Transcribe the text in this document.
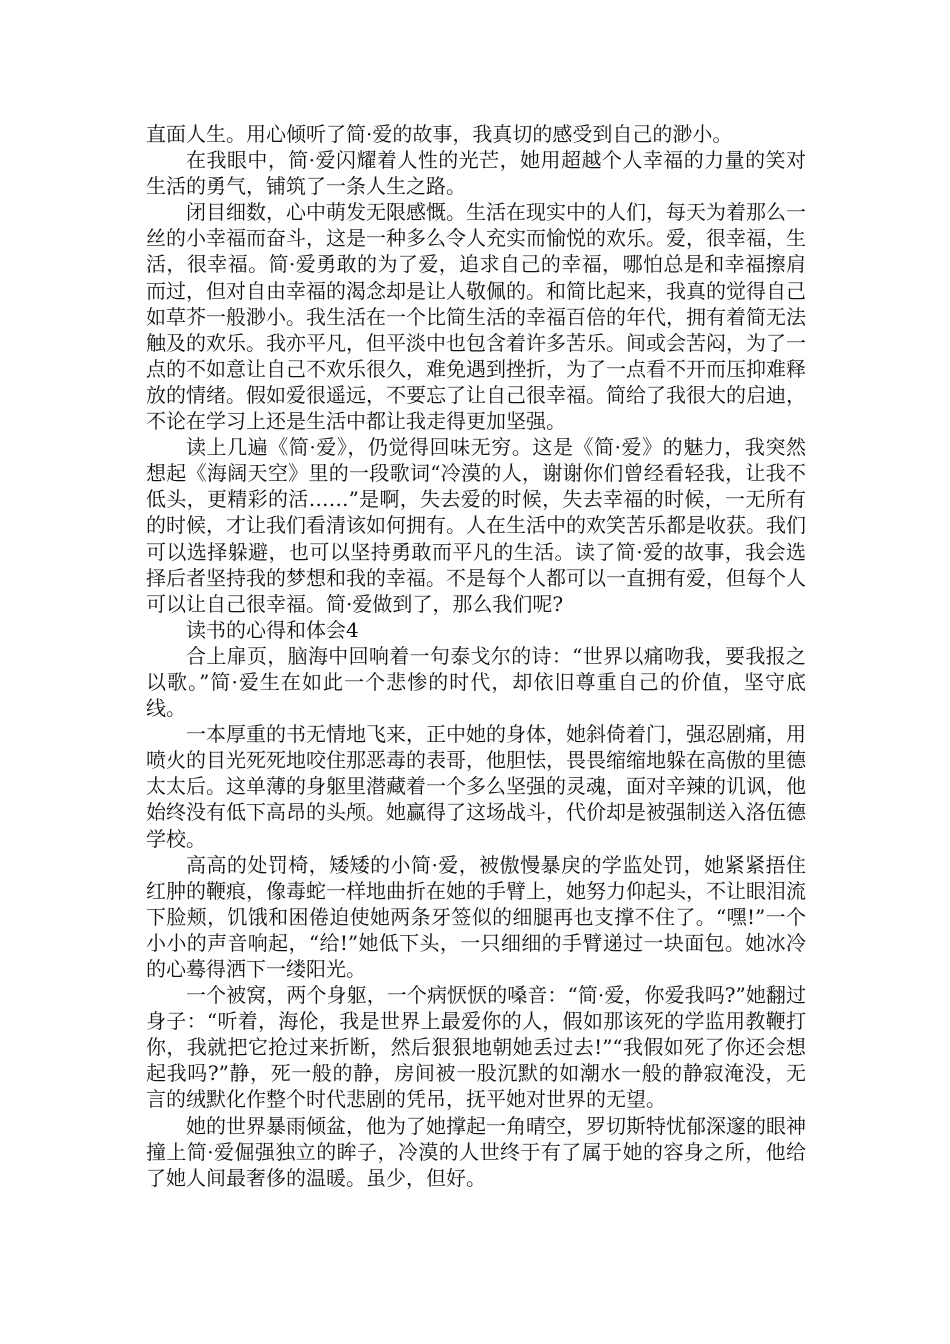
直面人生。用心倾听了简·爱的故事，我真切的感受到自己的渺小。

在我眼中，简·爱闪耀着人性的光芒，她用超越个人幸福的力量的笑对生活的勇气，铺筑了一条人生之路。

闭目细数，心中萌发无限感慨。生活在现实中的人们，每天为着那么一丝的小幸福而奋斗，这是一种多么令人充实而愉悦的欢乐。爱，很幸福，生活，很幸福。简·爱勇敢的为了爱，追求自己的幸福，哪怕总是和幸福擦肩而过，但对自由幸福的渴念却是让人敬佩的。和简比起来，我真的觉得自己如草芥一般渺小。我生活在一个比简生活的幸福百倍的年代，拥有着简无法触及的欢乐。我亦平凡，但平淡中也包含着许多苦乐。间或会苦闷，为了一点的不如意让自己不欢乐很久，难免遇到挫折，为了一点看不开而压抑难释放的情绪。假如爱很遥远，不要忘了让自己很幸福。简给了我很大的启迪，不论在学习上还是生活中都让我走得更加坚强。

读上几遍《简·爱》，仍觉得回味无穷。这是《简·爱》的魅力，我突然想起《海阔天空》里的一段歌词“冷漠的人，谢谢你们曾经看轻我，让我不低头，更精彩的活……”是啊，失去爱的时候，失去幸福的时候，一无所有的时候，才让我们看清该如何拥有。人在生活中的欢笑苦乐都是收获。我们可以选择躲避，也可以坚持勇敢而平凡的生活。读了简·爱的故事，我会选择后者坚持我的梦想和我的幸福。不是每个人都可以一直拥有爱，但每个人可以让自己很幸福。简·爱做到了，那么我们呢?

读书的心得和体会4

合上扉页，脑海中回响着一句泰戈尔的诗：“世界以痛吻我，要我报之以歌。”简·爱生在如此一个悲惨的时代，却依旧尊重自己的价值，坚守底线。

一本厚重的书无情地飞来，正中她的身体，她斜倚着门，强忍剧痛，用喷火的目光死死地咬住那恶毒的表哥，他胆怯，畏畏缩缩地躲在高傲的里德太太后。这单薄的身躯里潜藏着一个多么坚强的灵魂，面对辛辣的讥讽，他始终没有低下高昂的头颅。她赢得了这场战斗，代价却是被强制送入洛伍德学校。

高高的处罚椅，矮矮的小简·爱，被傲慢暴戾的学监处罚，她紧紧捂住红肿的鞭痕，像毒蛇一样地曲折在她的手臂上，她努力仰起头，不让眼泪流下脸颊，饥饿和困倦迫使她两条牙签似的细腿再也支撑不住了。“嘿!”一个小小的声音响起，“给!”她低下头，一只细细的手臂递过一块面包。她冰冷的心蓦得洒下一缕阳光。

一个被窝，两个身躯，一个病恹恹的嗓音：“简·爱，你爱我吗?”她翻过身子：“听着，海伦，我是世界上最爱你的人，假如那该死的学监用教鞭打你，我就把它抢过来折断，然后狠狠地朝她丢过去!”“我假如死了你还会想起我吗?”静，死一般的静，房间被一股沉默的如潮水一般的静寂淹没，无言的绒默化作整个时代悲剧的凭吊，抚平她对世界的无望。

她的世界暴雨倾盆，他为了她撑起一角晴空，罗切斯特忧郁深邃的眼神撞上简·爱倔强独立的眸子，冷漠的人世终于有了属于她的容身之所，他给了她人间最奢侈的温暖。虽少，但好。
